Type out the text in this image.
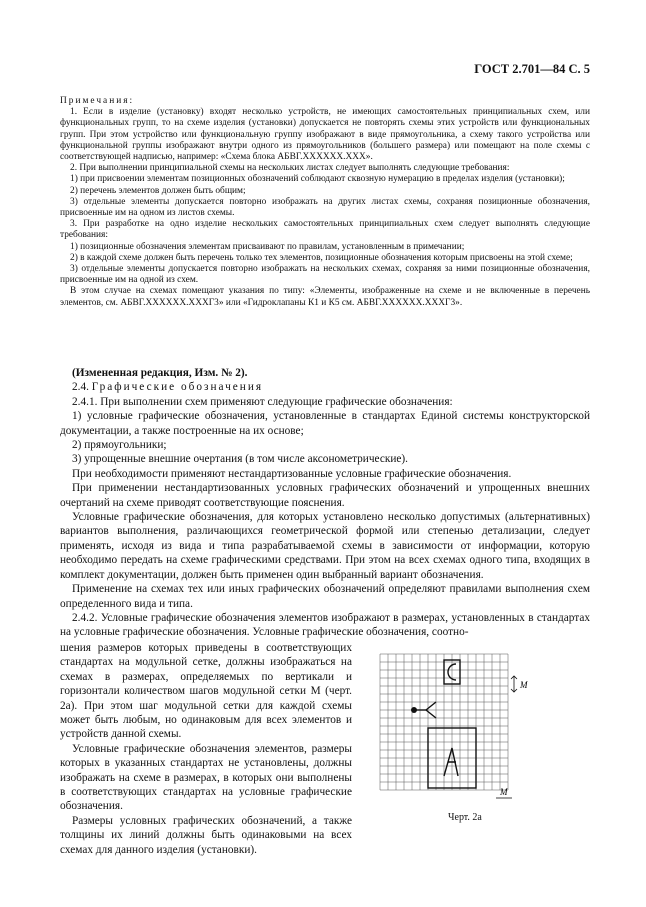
ГОСТ 2.701—84 С. 5

Примечания:

1. Если в изделие (установку) входят несколько устройств, не имеющих самостоятельных принципиальных схем, или функциональных групп, то на схеме изделия (установки) допускается не повторять схемы этих устройств или функциональных групп. При этом устройство или функциональную группу изображают в виде прямоугольника, а схему такого устройства или функциональной группы изображают внутри одного из прямоугольников (большего размера) или помещают на поле схемы с соответствующей надписью, например: «Схема блока АБВГ.XXXXXX.XXX».

2. При выполнении принципиальной схемы на нескольких листах следует выполнять следующие требования:

1) при присвоении элементам позиционных обозначений соблюдают сквозную нумерацию в пределах изделия (установки);

2) перечень элементов должен быть общим;

3) отдельные элементы допускается повторно изображать на других листах схемы, сохраняя позиционные обозначения, присвоенные им на одном из листов схемы.

3. При разработке на одно изделие нескольких самостоятельных принципиальных схем следует выполнять следующие требования:

1) позиционные обозначения элементам присваивают по правилам, установленным в примечании;

2) в каждой схеме должен быть перечень только тех элементов, позиционные обозначения которым присвоены на этой схеме;

3) отдельные элементы допускается повторно изображать на нескольких схемах, сохраняя за ними позиционные обозначения, присвоенные им на одной из схем.

В этом случае на схемах помещают указания по типу: «Элементы, изображенные на схеме и не включенные в перечень элементов, см. АБВГ.XXXXXX.XXXГ3» или «Гидроклапаны К1 и К5 см. АБВГ.XXXXXX.XXXГ3».

(Измененная редакция, Изм. № 2).

2.4. Графические обозначения

2.4.1. При выполнении схем применяют следующие графические обозначения:

1) условные графические обозначения, установленные в стандартах Единой системы конструкторской документации, а также построенные на их основе;

2) прямоугольники;

3) упрощенные внешние очертания (в том числе аксонометрические).

При необходимости применяют нестандартизованные условные графические обозначения.

При применении нестандартизованных условных графических обозначений и упрощенных внешних очертаний на схеме приводят соответствующие пояснения.

Условные графические обозначения, для которых установлено несколько допустимых (альтернативных) вариантов выполнения, различающихся геометрической формой или степенью детализации, следует применять, исходя из вида и типа разрабатываемой схемы в зависимости от информации, которую необходимо передать на схеме графическими средствами. При этом на всех схемах одного типа, входящих в комплект документации, должен быть применен один выбранный вариант обозначения.

Применение на схемах тех или иных графических обозначений определяют правилами выполнения схем определенного вида и типа.

2.4.2. Условные графические обозначения элементов изображают в размерах, установленных в стандартах на условные графические обозначения. Условные графические обозначения, соотно-

шения размеров которых приведены в соответствующих стандартах на модульной сетке, должны изображаться на схемах в размерах, определяемых по вертикали и горизонтали количеством шагов модульной сетки М (черт. 2а). При этом шаг модульной сетки для каждой схемы может быть любым, но одинаковым для всех элементов и устройств данной схемы.

Условные графические обозначения элементов, размеры которых в указанных стандартах не установлены, должны изображать на схеме в размерах, в которых они выполнены в соответствующих стандартах на условные графические обозначения.

Размеры условных графических обозначений, а также толщины их линий должны быть одинаковыми на всех схемах для данного изделия (установки).

M
M
Черт. 2а
